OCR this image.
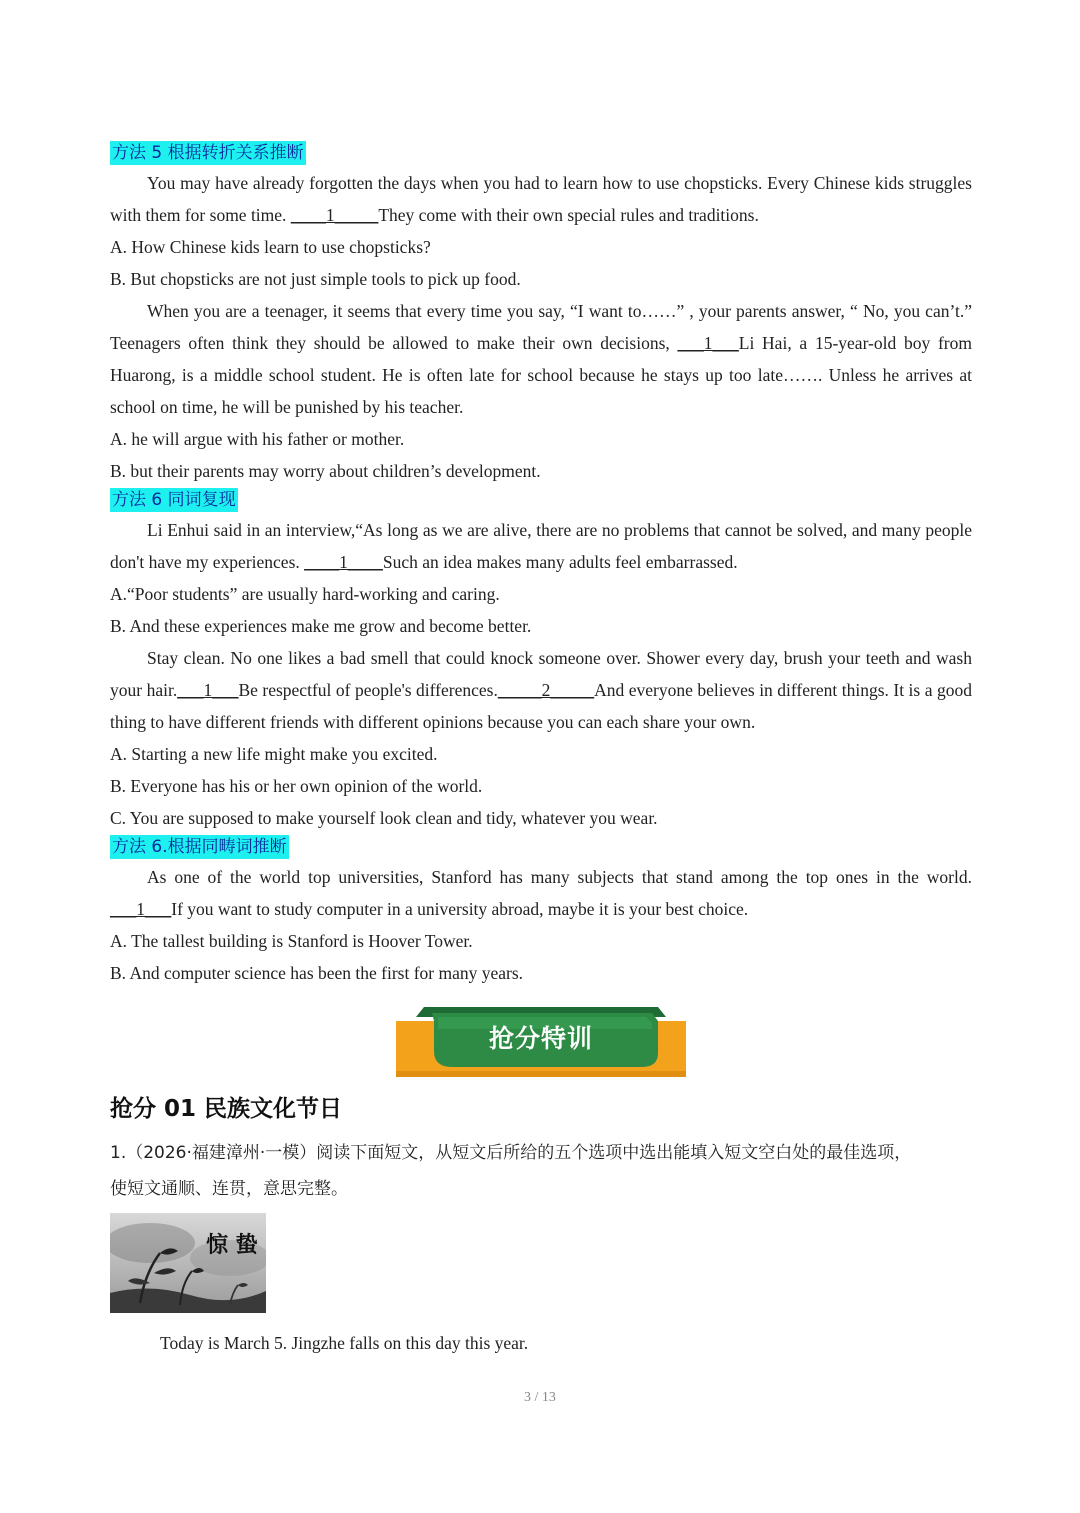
方法 5 根据转折关系推断

You may have already forgotten the days when you had to learn how to use chopsticks. Every Chinese kids struggles with them for some time. ____1_____They come with their own special rules and traditions.

A. How Chinese kids learn to use chopsticks?

B. But chopsticks are not just simple tools to pick up food.

When you are a teenager, it seems that every time you say, “I want to……” , your parents answer, “ No, you can’t.” Teenagers often think they should be allowed to make their own decisions, ___1___Li Hai, a 15-year-old boy from Huarong, is a middle school student. He is often late for school because he stays up too late……. Unless he arrives at school on time, he will be punished by his teacher.

A. he will argue with his father or mother.

B. but their parents may worry about children’s development.

方法 6 同词复现

Li Enhui said in an interview,“As long as we are alive, there are no problems that cannot be solved, and many people don't have my experiences. ____1____Such an idea makes many adults feel embarrassed.

A.“Poor students” are usually hard-working and caring.

B. And these experiences make me grow and become better.

Stay clean. No one likes a bad smell that could knock someone over. Shower every day, brush your teeth and wash your hair.___1___Be respectful of people's differences._____2_____And everyone believes in different things. It is a good thing to have different friends with different opinions because you can each share your own.

A. Starting a new life might make you excited.

B. Everyone has his or her own opinion of the world.

C. You are supposed to make yourself look clean and tidy, whatever you wear.

方法 6.根据同畴词推断

As one of the world top universities, Stanford has many subjects that stand among the top ones in the world. ___1___If you want to study computer in a university abroad, maybe it is your best choice.

A. The tallest building is Stanford is Hoover Tower.

B. And computer science has been the first for many years.

抢分特训
抢分 01 民族文化节日

1.（2026·福建漳州·一模）阅读下面短文，从短文后所给的五个选项中选出能填入短文空白处的最佳选项，

使短文通顺、连贯，意思完整。

Today is March 5. Jingzhe falls on this day this year.

惊 蛰
3 / 13
